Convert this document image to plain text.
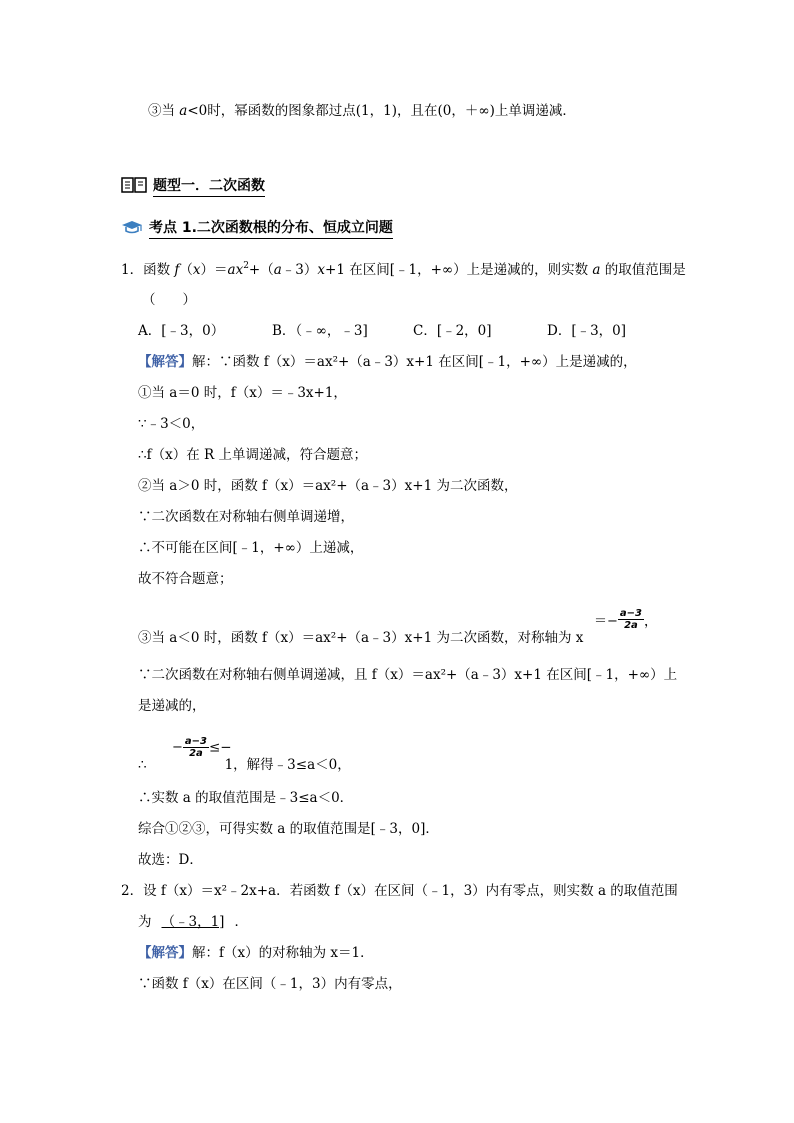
③当 a<0时，幂函数的图象都过点(1，1)，且在(0，＋∞)上单调递减．
题型一．二次函数
考点 1.二次函数根的分布、恒成立问题
1．函数 $f(x)=ax^2+(a﹣3)x+1$ 在区间[﹣1，+∞）上是递减的，则实数 a 的取值范围是
（　　）
A．[﹣3，0）	B．（﹣∞，﹣3]	C．[﹣2，0]	D．[﹣3，0]
【解答】解：∵函数 f（x）＝ax²+（a﹣3）x+1 在区间[﹣1，+∞）上是递减的，
①当 a＝0 时，f（x）＝﹣3x+1，
∵﹣3＜0，
∴f（x）在 R 上单调递减，符合题意；
②当 a＞0 时，函数 f（x）＝ax²+（a﹣3）x+1 为二次函数，
∵二次函数在对称轴右侧单调递增，
∴不可能在区间[﹣1，+∞）上递减，
故不符合题意；
③当 a＜0 时，函数 f（x）＝ax²+（a﹣3）x+1 为二次函数，对称轴为 x
＝− $\frac{a-3}{2a}$ ，
∵二次函数在对称轴右侧单调递减，且 f（x）＝ax²+（a﹣3）x+1 在区间[﹣1，+∞）上
是递减的，
− $\frac{a-3}{2a}$ ≤−
∴	1，解得﹣3≤a＜0，
∴实数 a 的取值范围是﹣3≤a＜0．
综合①②③，可得实数 a 的取值范围是[﹣3，0]．
故选：D．
2．设 f（x）＝x²﹣2x+a．若函数 f（x）在区间（﹣1，3）内有零点，则实数 a 的取值范围
为 （﹣3，1] ．
【解答】解：f（x）的对称轴为 x＝1．
∵函数 f（x）在区间（﹣1，3）内有零点，
